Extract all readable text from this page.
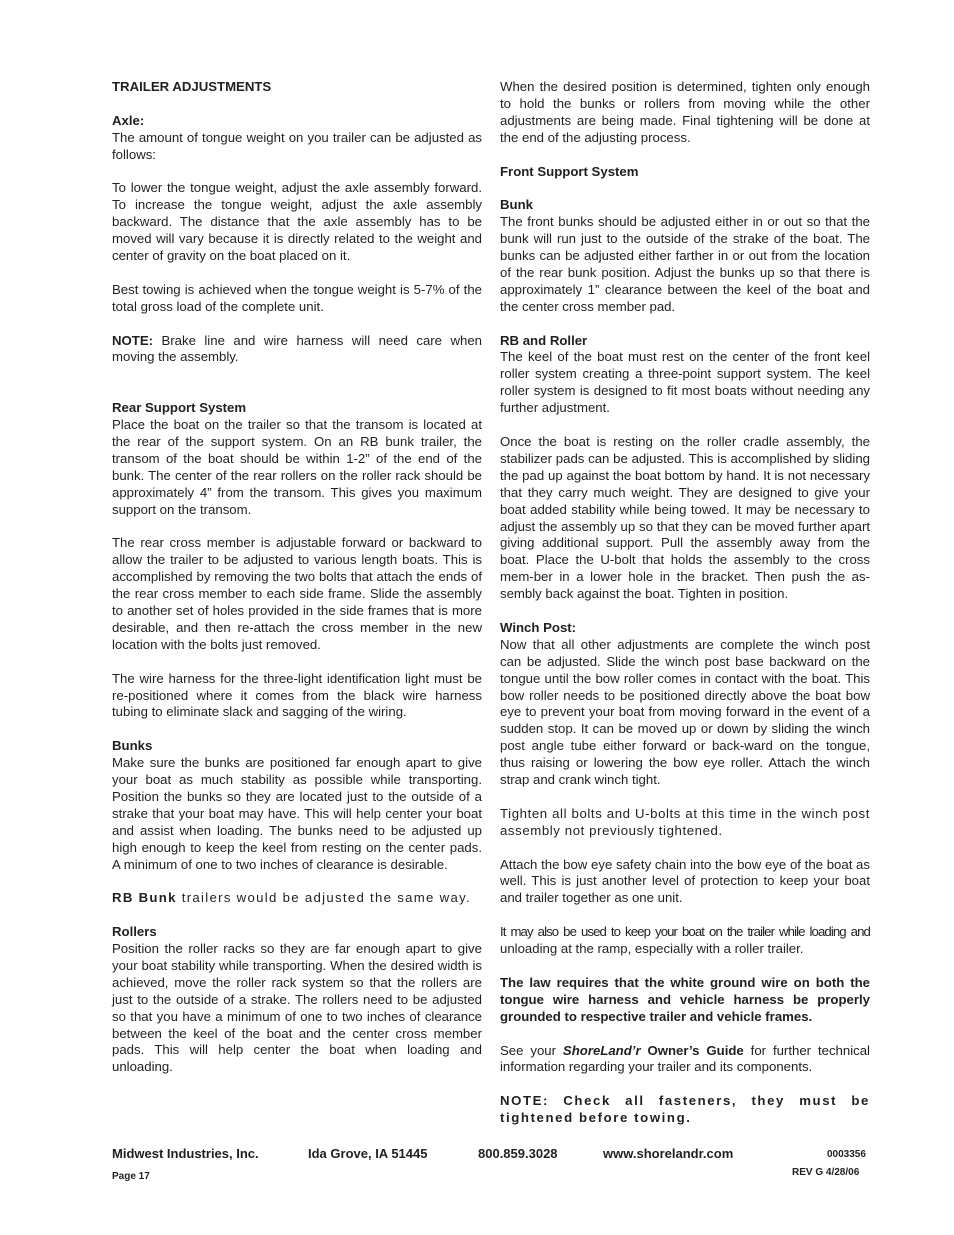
TRAILER ADJUSTMENTS

Axle:

The amount of tongue weight on you trailer can be adjusted as follows:

To lower the tongue weight, adjust the axle assembly forward. To increase the tongue weight, adjust the axle assembly backward. The distance that the axle assembly has to be moved will vary because it is directly related to the weight and center of gravity on the boat placed on it.

Best towing is achieved when the tongue weight is 5-7% of the total gross load of the complete unit.

NOTE: Brake line and wire harness will need care when moving the assembly.

Rear Support System

Place the boat on the trailer so that the transom is located at the rear of the support system. On an RB bunk trailer, the transom of the boat should be within 1-2” of the end of the bunk. The center of the rear rollers on the roller rack should be approximately 4” from the transom. This gives you maximum support on the transom.

The rear cross member is adjustable forward or backward to allow the trailer to be adjusted to various length boats. This is accomplished by removing the two bolts that attach the ends of the rear cross member to each side frame. Slide the assembly to another set of holes provided in the side frames that is more desirable, and then re-attach the cross member in the new location with the bolts just removed.

The wire harness for the three-light identification light must be re-positioned where it comes from the black wire harness tubing to eliminate slack and sagging of the wiring.

Bunks

Make sure the bunks are positioned far enough apart to give your boat as much stability as possible while transporting. Position the bunks so they are located just to the outside of a strake that your boat may have. This will help center your boat and assist when loading. The bunks need to be adjusted up high enough to keep the keel from resting on the center pads. A minimum of one to two inches of clearance is desirable.

RB Bunk trailers would be adjusted the same way.

Rollers

Position the roller racks so they are far enough apart to give your boat stability while transporting. When the desired width is achieved, move the roller rack system so that the rollers are just to the outside of a strake. The rollers need to be adjusted so that you have a minimum of one to two inches of clearance between the keel of the boat and the center cross member pads. This will help center the boat when loading and unloading.

When the desired position is determined, tighten only enough to hold the bunks or rollers from moving while the other adjustments are being made. Final tightening will be done at the end of the adjusting process.

Front Support System

Bunk

The front bunks should be adjusted either in or out so that the bunk will run just to the outside of the strake of the boat. The bunks can be adjusted either farther in or out from the location of the rear bunk position. Adjust the bunks up so that there is approximately 1” clearance between the keel of the boat and the center cross member pad.

RB and Roller

The keel of the boat must rest on the center of the front keel roller system creating a three-point support system. The keel roller system is designed to fit most boats without needing any further adjustment.

Once the boat is resting on the roller cradle assembly, the stabilizer pads can be adjusted. This is accomplished by sliding the pad up against the boat bottom by hand. It is not necessary that they carry much weight. They are designed to give your boat added stability while being towed. It may be necessary to adjust the assembly up so that they can be moved further apart giving additional support. Pull the assembly away from the boat. Place the U-bolt that holds the assembly to the cross mem-ber in a lower hole in the bracket. Then push the as-sembly back against the boat. Tighten in position.

Winch Post:

Now that all other adjustments are complete the winch post can be adjusted. Slide the winch post base backward on the tongue until the bow roller comes in contact with the boat. This bow roller needs to be positioned directly above the boat bow eye to prevent your boat from moving forward in the event of a sudden stop. It can be moved up or down by sliding the winch post angle tube either forward or back-ward on the tongue, thus raising or lowering the bow eye roller. Attach the winch strap and crank winch tight.

Tighten all bolts and U-bolts at this time in the winch post assembly not previously tightened.

Attach the bow eye safety chain into the bow eye of the boat as well. This is just another level of protection to keep your boat and trailer together as one unit.

It may also be used to keep your boat on the trailer while loading and unloading at the ramp, especially with a roller trailer.

The law requires that the white ground wire on both the tongue wire harness and vehicle harness be properly grounded to respective trailer and vehicle frames.

See your ShoreLand’r Owner’s Guide for further technical information regarding your trailer and its components.

NOTE: Check all fasteners, they must be tightened before towing.

Midwest Industries, Inc.	Ida Grove, IA 51445	800.859.3028	www.shorelandr.com	0003356
Page 17	REV G 4/28/06
